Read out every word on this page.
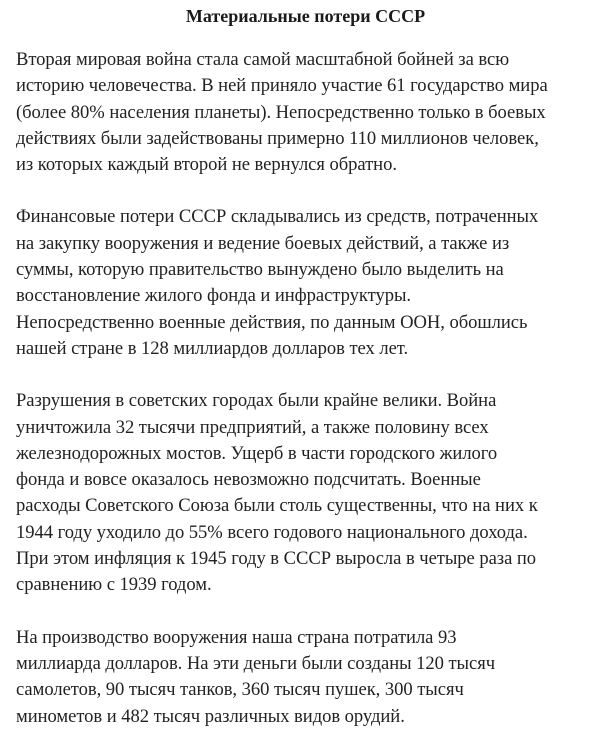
Материальные потери СССР

Вторая мировая война стала самой масштабной бойней за всю
историю человечества. В ней приняло участие 61 государство мира
(более 80% населения планеты). Непосредственно только в боевых
действиях были задействованы примерно 110 миллионов человек,
из которых каждый второй не вернулся обратно.

Финансовые потери СССР складывались из средств, потраченных
на закупку вооружения и ведение боевых действий, а также из
суммы, которую правительство вынуждено было выделить на
восстановление жилого фонда и инфраструктуры.
Непосредственно военные действия, по данным ООН, обошлись
нашей стране в 128 миллиардов долларов тех лет.

Разрушения в советских городах были крайне велики. Война
уничтожила 32 тысячи предприятий, а также половину всех
железнодорожных мостов. Ущерб в части городского жилого
фонда и вовсе оказалось невозможно подсчитать. Военные
расходы Советского Союза были столь существенны, что на них к
1944 году уходило до 55% всего годового национального дохода.
При этом инфляция к 1945 году в СССР выросла в четыре раза по
сравнению с 1939 годом.

На производство вооружения наша страна потратила 93
миллиарда долларов. На эти деньги были созданы 120 тысяч
самолетов, 90 тысяч танков, 360 тысяч пушек, 300 тысяч
минометов и 482 тысяч различных видов орудий.
